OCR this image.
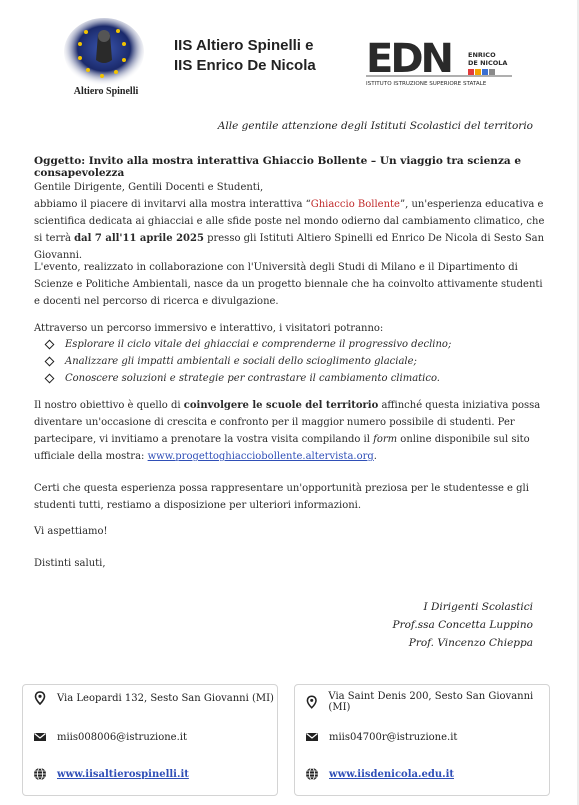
Altiero Spinelli
IIS Altiero Spinelli e
IIS Enrico De Nicola EDN	ENRICO
DE NICOLA
ISTITUTO ISTRUZIONE SUPERIORE STATALE
Alle gentile attenzione degli Istituti Scolastici del territorio
Oggetto: Invito alla mostra interattiva Ghiaccio Bollente – Un viaggio tra scienza e consapevolezza

Gentile Dirigente, Gentili Docenti e Studenti,

abbiamo il piacere di invitarvi alla mostra interattiva “Ghiaccio Bollente”, un'esperienza educativa e scientifica dedicata ai ghiacciai e alle sfide poste nel mondo odierno dal cambiamento climatico, che si terrà dal 7 all'11 aprile 2025 presso gli Istituti Altiero Spinelli ed Enrico De Nicola di Sesto San Giovanni.

L'evento, realizzato in collaborazione con l'Università degli Studi di Milano e il Dipartimento di Scienze e Politiche Ambientali, nasce da un progetto biennale che ha coinvolto attivamente studenti e docenti nel percorso di ricerca e divulgazione.
Attraverso un percorso immersivo e interattivo, i visitatori potranno:
Esplorare il ciclo vitale dei ghiacciai e comprenderne il progressivo declino;
Analizzare gli impatti ambientali e sociali dello scioglimento glaciale;
Conoscere soluzioni e strategie per contrastare il cambiamento climatico.
Il nostro obiettivo è quello di coinvolgere le scuole del territorio affinché questa iniziativa possa diventare un'occasione di crescita e confronto per il maggior numero possibile di studenti. Per partecipare, vi invitiamo a prenotare la vostra visita compilando il form online disponibile sul sito ufficiale della mostra: www.progettoghiacciobollente.altervista.org.
Certi che questa esperienza possa rappresentare un'opportunità preziosa per le studentesse e gli studenti tutti, restiamo a disposizione per ulteriori informazioni.
Vi aspettiamo!
Distinti saluti,
I Dirigenti Scolastici
Prof.ssa Concetta Luppino
Prof. Vincenzo Chieppa
Via Leopardi 132, Sesto San Giovanni (MI)
miis008006@istruzione.it
www.iisaltierospinelli.it
Via Saint Denis 200, Sesto San Giovanni (MI)
miis04700r@istruzione.it
www.iisdenicola.edu.it
